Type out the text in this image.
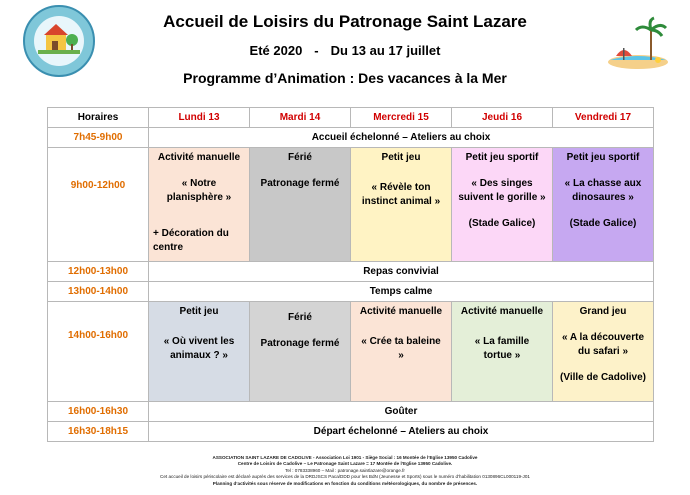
Accueil de Loisirs du Patronage Saint Lazare
Eté 2020 - Du 13 au 17 juillet
Programme d’Animation : Des vacances à la Mer
Horaires	Lundi 13	Mardi 14	Mercredi 15	Jeudi 16	Vendredi 17
7h45-9h00	Accueil échelonné – Ateliers au choix				
9h00-12h00	Activité manuelle
« Notre
planisphère »
+ Décoration du
centre	Férié
Patronage fermé	Petit jeu
« Révèle ton
instinct animal »	Petit jeu sportif
« Des singes
suivent le gorille »
(Stade Galice)	Petit jeu sportif
« La chasse aux
dinosaures »
(Stade Galice)
12h00-13h00	Repas convivial				
13h00-14h00	Temps calme				
14h00-16h00	Petit jeu
« Où vivent les
animaux ? »	Férié
Patronage fermé	Activité manuelle
« Crée ta baleine
»	Activité manuelle
« La famille
tortue »	Grand jeu
« A la découverte
du safari »
(Ville de Cadolive)
16h00-16h30	Goûter				
16h30-18h15	Départ échelonné – Ateliers au choix				
ASSOCIATION SAINT LAZARE DE CADOLIVE - Association Loi 1901 - Siège Social : 16 Montée de l’Eglise 13950 Cadolive
Centre de Loisirs de Cadolive – Le Patronage Saint Lazare = 17 Montée de l’Eglise 13950 Cadolive.
Tel : 0783338960 – Mail : patronage.saintlazare@orange.fr
Cet accueil de loisirs périscolaire est déclaré auprès des services de la DRDJSCS Paca/DDD pour les BdN (Jeunesse et Sports) sous le numéro d’habilitation 0130896CL000119-J01
Planning d’activités sous réserve de modifications en fonction du conditions météorologiques, du nombre de présences.
